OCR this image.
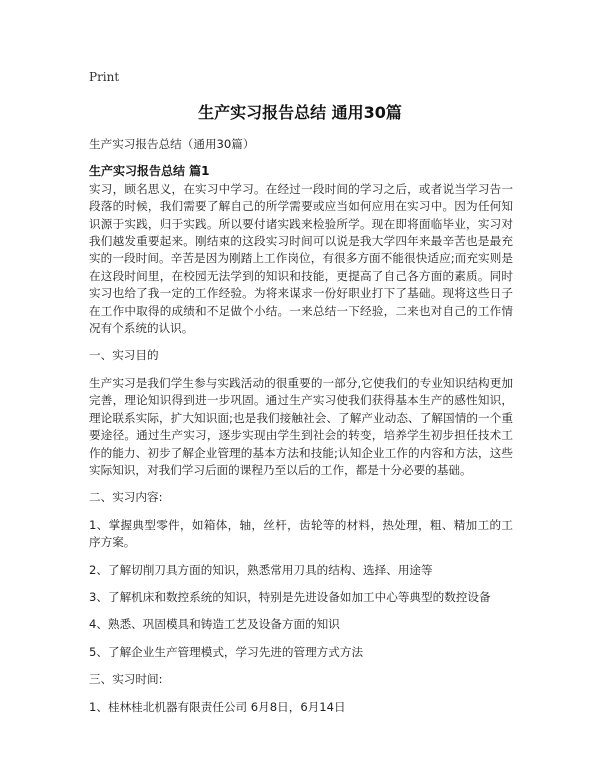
Print
生产实习报告总结 通用30篇

生产实习报告总结（通用30篇）

生产实习报告总结 篇1

实习，顾名思义，在实习中学习。在经过一段时间的学习之后，或者说当学习告一段落的时候，我们需要了解自己的所学需要或应当如何应用在实习中。因为任何知识源于实践，归于实践。所以要付诸实践来检验所学。现在即将面临毕业，实习对我们越发重要起来。刚结束的这段实习时间可以说是我大学四年来最辛苦也是最充实的一段时间。辛苦是因为刚踏上工作岗位，有很多方面不能很快适应;而充实则是在这段时间里，在校园无法学到的知识和技能，更提高了自己各方面的素质。同时实习也给了我一定的工作经验。为将来谋求一份好职业打下了基础。现将这些日子在工作中取得的成绩和不足做个小结。一来总结一下经验，二来也对自己的工作情况有个系统的认识。

一、实习目的

生产实习是我们学生参与实践活动的很重要的一部分,它使我们的专业知识结构更加完善，理论知识得到进一步巩固。通过生产实习使我们获得基本生产的感性知识，理论联系实际，扩大知识面;也是我们接触社会、了解产业动态、了解国情的一个重要途径。通过生产实习，逐步实现由学生到社会的转变，培养学生初步担任技术工作的能力、初步了解企业管理的基本方法和技能;认知企业工作的内容和方法，这些实际知识，对我们学习后面的课程乃至以后的工作，都是十分必要的基础。

二、实习内容:

1、掌握典型零件，如箱体，轴，丝杆，齿轮等的材料，热处理，粗、精加工的工序方案。

2、了解切削刀具方面的知识，熟悉常用刀具的结构、选择、用途等

3、了解机床和数控系统的知识，特别是先进设备如加工中心等典型的数控设备

4、熟悉、巩固模具和铸造工艺及设备方面的知识

5、了解企业生产管理模式，学习先进的管理方式方法

三、实习时间:

1、桂林桂北机器有限责任公司 6月8日，6月14日
